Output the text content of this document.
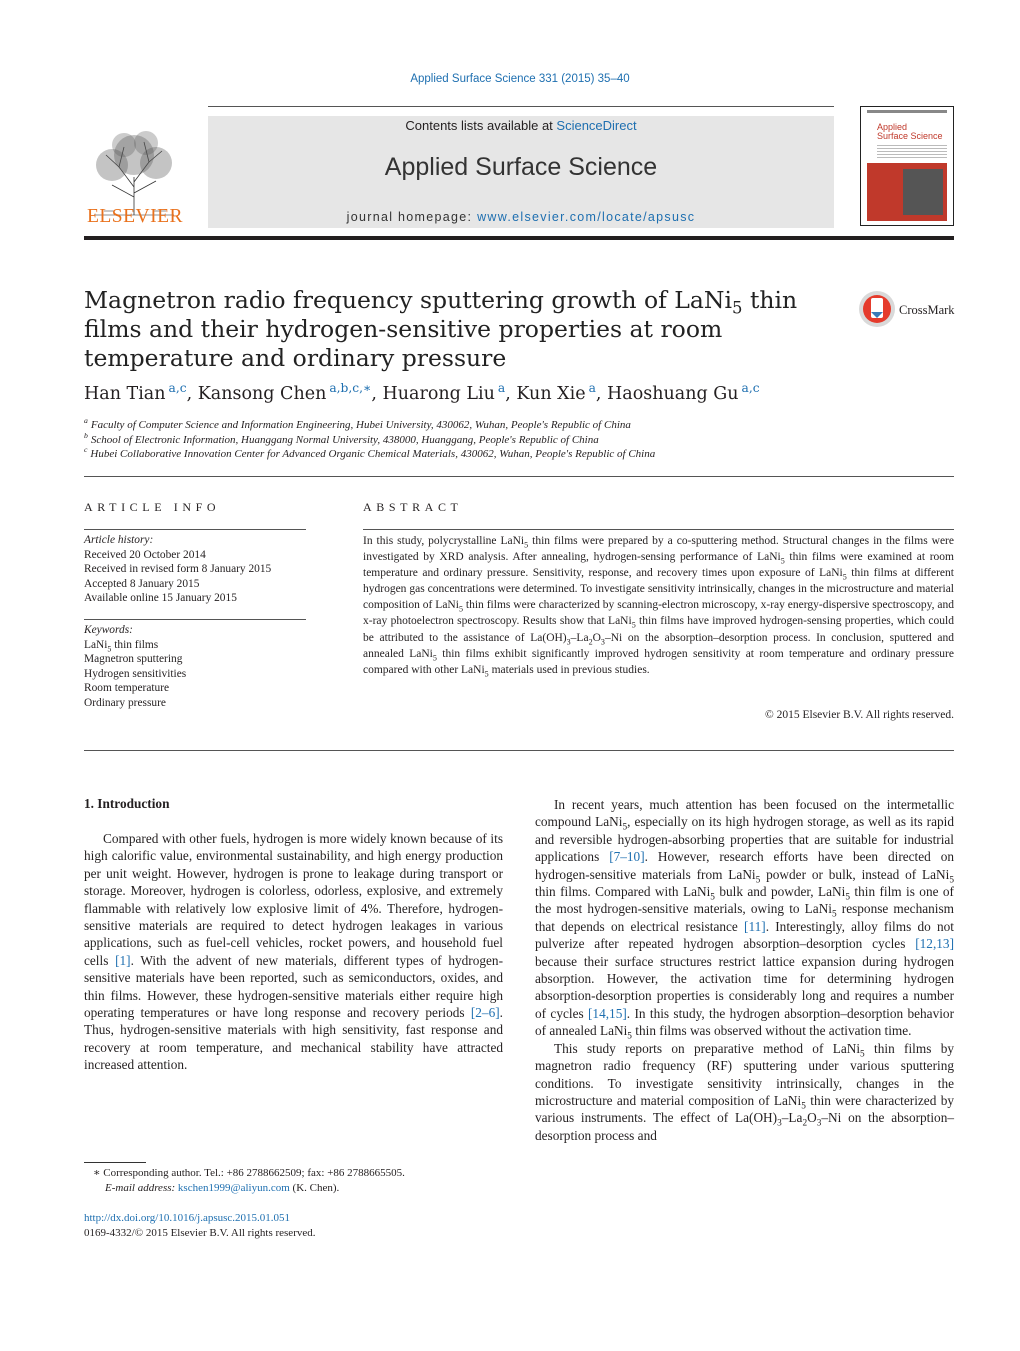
Applied Surface Science 331 (2015) 35–40
ELSEVIER
Contents lists available at ScienceDirect
Applied Surface Science
journal homepage: www.elsevier.com/locate/apsusc
Applied
Surface Science
Magnetron radio frequency sputtering growth of LaNi$_5$ thin films and their hydrogen-sensitive properties at room temperature and ordinary pressure
CrossMark
Han Tian $^{a,c}$, Kansong Chen $^{a,b,c,∗}$, Huarong Liu $^a$, Kun Xie $^a$, Haoshuang Gu $^{a,c}$
$^a$ Faculty of Computer Science and Information Engineering, Hubei University, 430062, Wuhan, People's Republic of China
$^b$ School of Electronic Information, Huanggang Normal University, 438000, Huanggang, People's Republic of China
$^c$ Hubei Collaborative Innovation Center for Advanced Organic Chemical Materials, 430062, Wuhan, People's Republic of China
ARTICLE INFO
Article history:
Received 20 October 2014
Received in revised form 8 January 2015
Accepted 8 January 2015
Available online 15 January 2015
Keywords:
LaNi$_5$ thin films
Magnetron sputtering
Hydrogen sensitivities
Room temperature
Ordinary pressure
ABSTRACT
In this study, polycrystalline LaNi$_5$ thin films were prepared by a co-sputtering method. Structural changes in the films were investigated by XRD analysis. After annealing, hydrogen-sensing performance of LaNi$_5$ thin films were examined at room temperature and ordinary pressure. Sensitivity, response, and recovery times upon exposure of LaNi$_5$ thin films at different hydrogen gas concentrations were determined. To investigate sensitivity intrinsically, changes in the microstructure and material composition of LaNi$_5$ thin films were characterized by scanning-electron microscopy, x-ray energy-dispersive spectroscopy, and x-ray photoelectron spectroscopy. Results show that LaNi$_5$ thin films have improved hydrogen-sensing properties, which could be attributed to the assistance of $La(OH)_3-La_2O_3-Ni$ on the absorption–desorption process. In conclusion, sputtered and annealed LaNi$_5$ thin films exhibit significantly improved hydrogen sensitivity at room temperature and ordinary pressure compared with other LaNi$_5$ materials used in previous studies.
© 2015 Elsevier B.V. All rights reserved.
1. Introduction

Compared with other fuels, hydrogen is more widely known because of its high calorific value, environmental sustainability, and high energy production per unit weight. However, hydrogen is prone to leakage during transport or storage. Moreover, hydrogen is colorless, odorless, explosive, and extremely flammable with relatively low explosive limit of 4%. Therefore, hydrogen-sensitive materials are required to detect hydrogen leakages in various applications, such as fuel-cell vehicles, rocket powers, and household fuel cells [1]. With the advent of new materials, different types of hydrogen-sensitive materials have been reported, such as semiconductors, oxides, and thin films. However, these hydrogen-sensitive materials either require high operating temperatures or have long response and recovery periods [2–6]. Thus, hydrogen-sensitive materials with high sensitivity, fast response and recovery at room temperature, and mechanical stability have attracted increased attention.

In recent years, much attention has been focused on the intermetallic compound LaNi$_5$, especially on its high hydrogen storage, as well as its rapid and reversible hydrogen-absorbing properties that are suitable for industrial applications [7–10]. However, research efforts have been directed on hydrogen-sensitive materials from LaNi$_5$ powder or bulk, instead of LaNi$_5$ thin films. Compared with LaNi$_5$ bulk and powder, LaNi$_5$ thin film is one of the most hydrogen-sensitive materials, owing to LaNi$_5$ response mechanism that depends on electrical resistance [11]. Interestingly, alloy films do not pulverize after repeated hydrogen absorption–desorption cycles [12,13] because their surface structures restrict lattice expansion during hydrogen absorption. However, the activation time for determining hydrogen absorption-desorption properties is considerably long and requires a number of cycles [14,15]. In this study, the hydrogen absorption–desorption behavior of annealed LaNi$_5$ thin films was observed without the activation time.

This study reports on preparative method of LaNi$_5$ thin films by magnetron radio frequency (RF) sputtering under various sputtering conditions. To investigate sensitivity intrinsically, changes in the microstructure and material composition of LaNi$_5$ thin were characterized by various instruments. The effect of $La(OH)_3-La_2O_3-Ni$ on the absorption–desorption process and

∗ Corresponding author. Tel.: +86 2788662509; fax: +86 2788665505.
E-mail address: kschen1999@aliyun.com (K. Chen).
http://dx.doi.org/10.1016/j.apsusc.2015.01.051
0169-4332/© 2015 Elsevier B.V. All rights reserved.
